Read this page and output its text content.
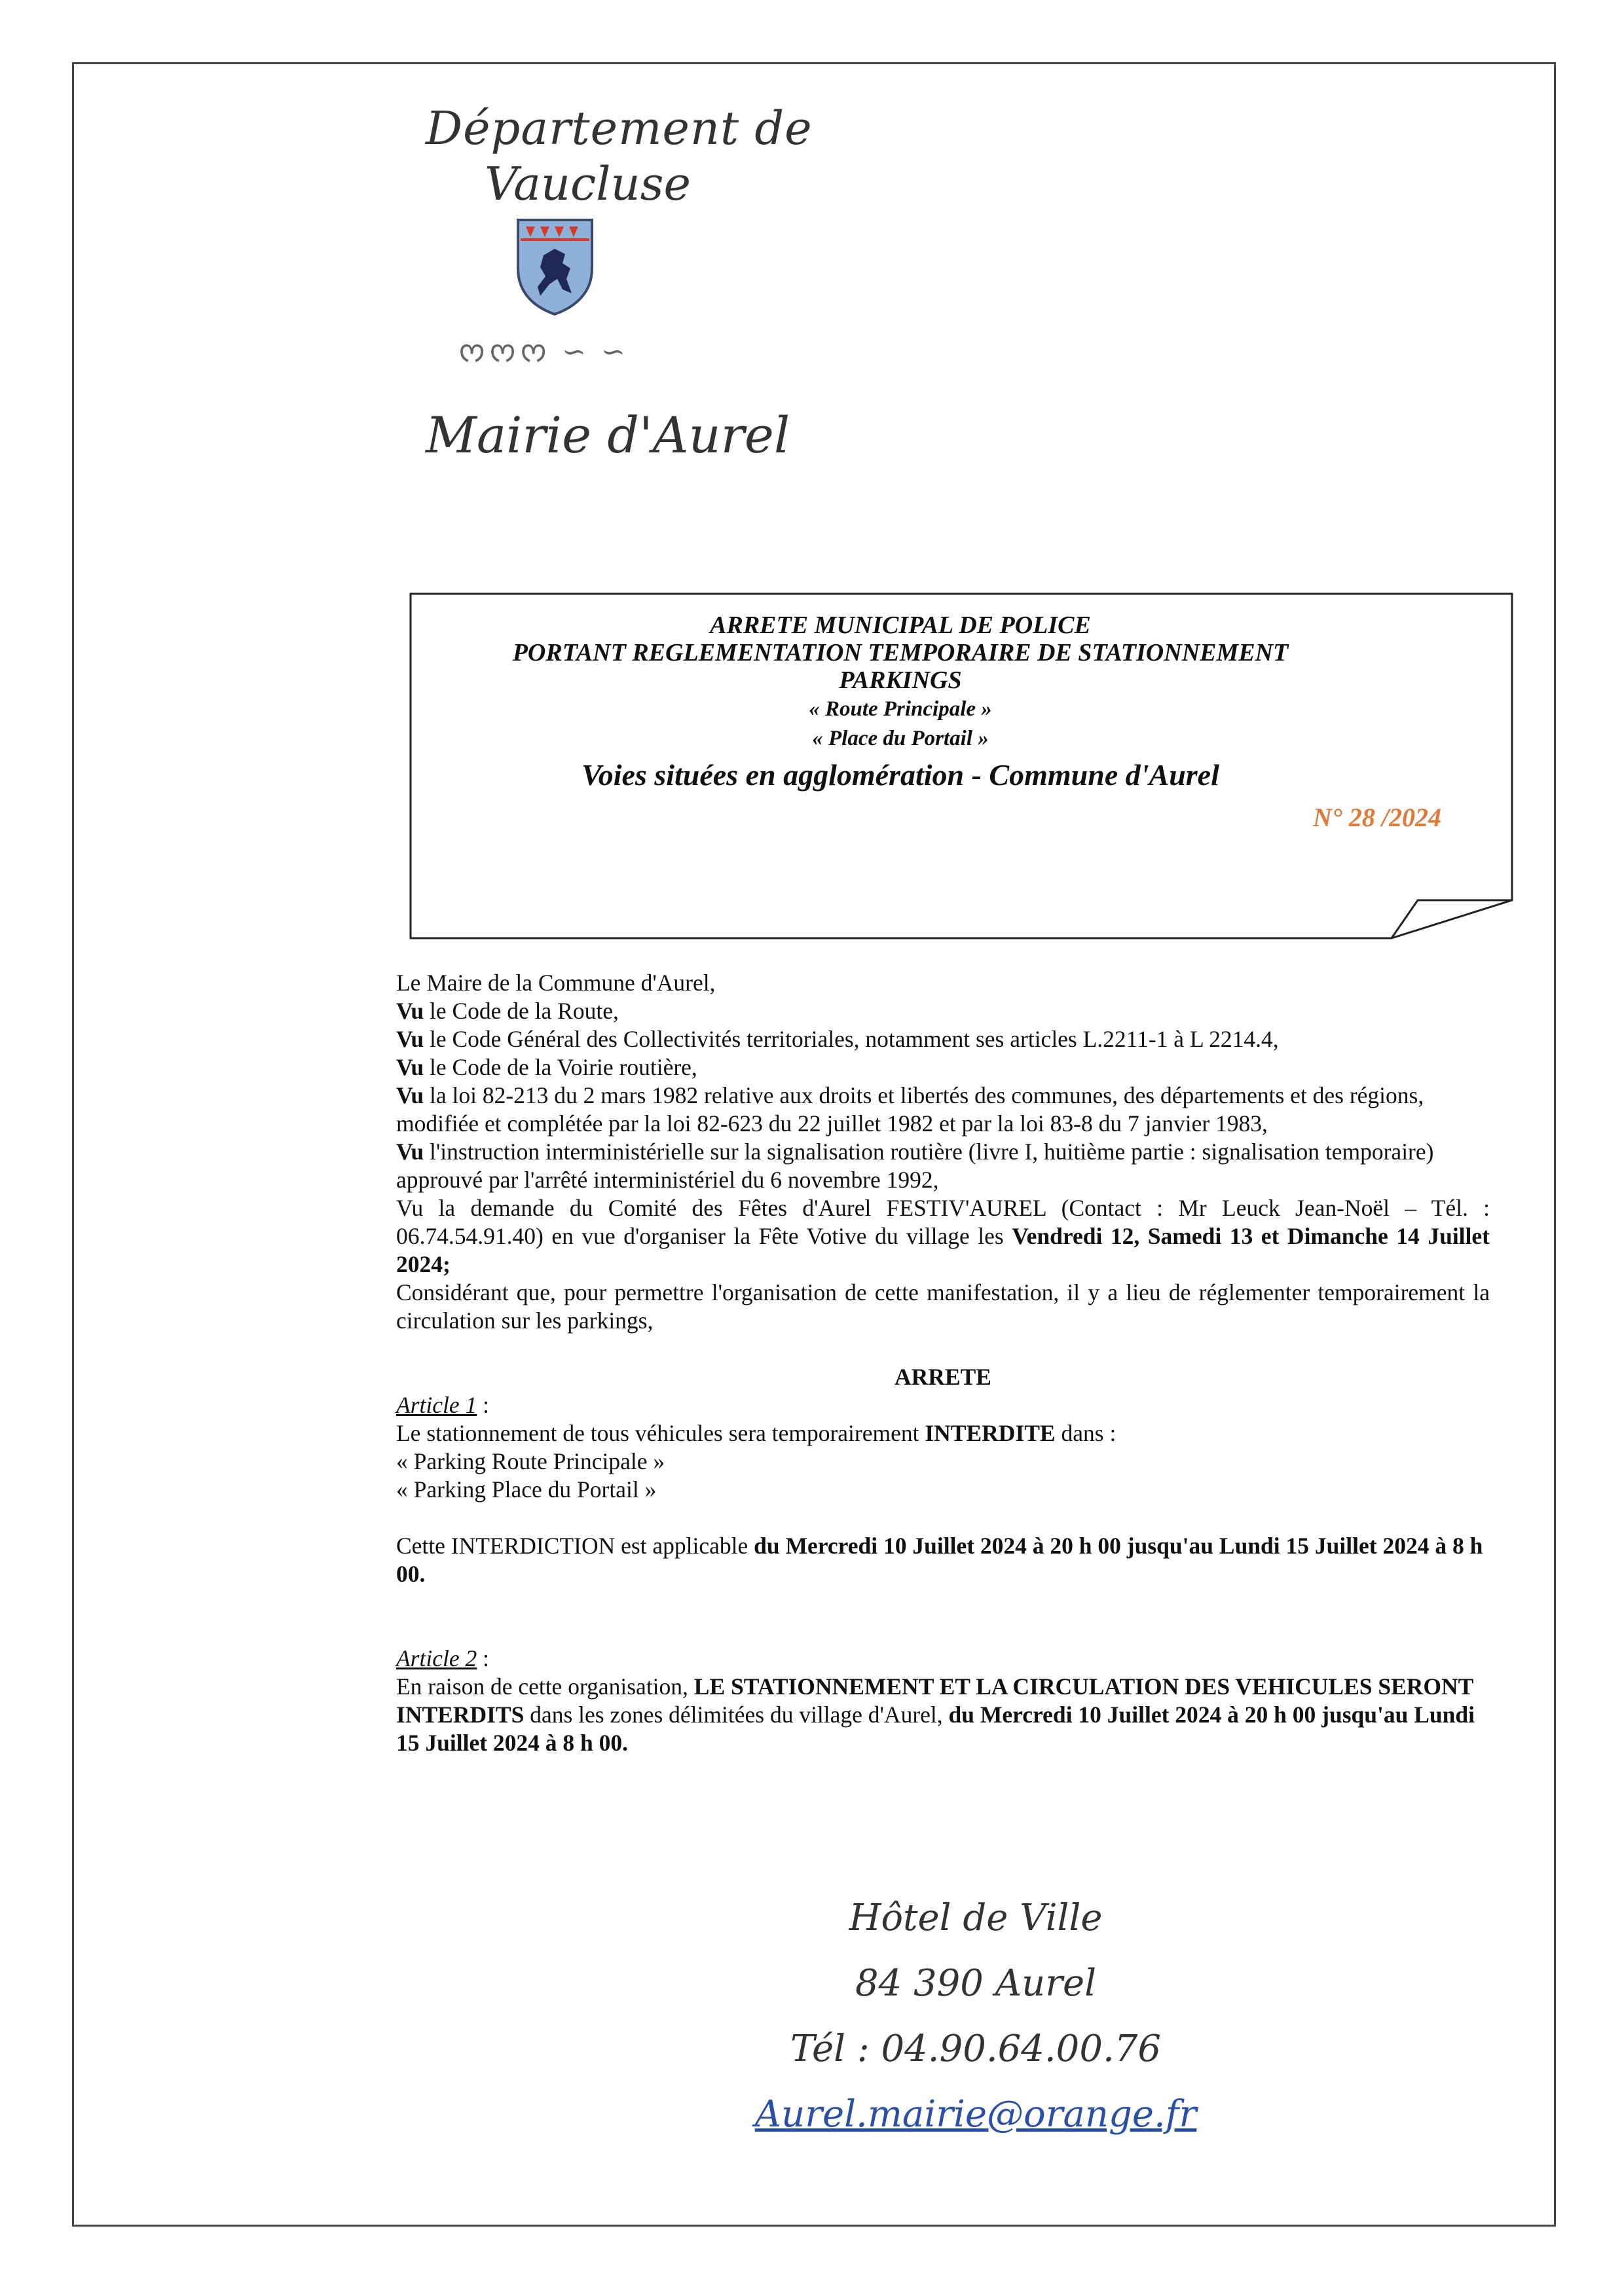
Département de
Vaucluse
ᰔᰔᰔ ∽ ∽
Mairie d'Aurel
ARRETE MUNICIPAL DE POLICE
PORTANT REGLEMENTATION TEMPORAIRE DE STATIONNEMENT
PARKINGS
« Route Principale »
« Place du Portail »
Voies situées en agglomération - Commune d'Aurel
N° 28 /2024

Le Maire de la Commune d'Aurel,

Vu le Code de la Route,

Vu le Code Général des Collectivités territoriales, notamment ses articles L.2211-1 à L 2214.4,

Vu le Code de la Voirie routière,

Vu la loi 82-213 du 2 mars 1982 relative aux droits et libertés des communes, des départements et des régions, modifiée et complétée par la loi 82-623 du 22 juillet 1982 et par la loi 83-8 du 7 janvier 1983,

Vu l'instruction interministérielle sur la signalisation routière (livre I, huitième partie : signalisation temporaire) approuvé par l'arrêté interministériel du 6 novembre 1992,

Vu la demande du Comité des Fêtes d'Aurel FESTIV'AUREL (Contact : Mr Leuck Jean-Noël – Tél. : 06.74.54.91.40) en vue d'organiser la Fête Votive du village les Vendredi 12, Samedi 13 et Dimanche 14 Juillet 2024;

Considérant que, pour permettre l'organisation de cette manifestation, il y a lieu de réglementer temporairement la circulation sur les parkings,

ARRETE

Article 1 :

Le stationnement de tous véhicules sera temporairement INTERDITE dans :

« Parking Route Principale »

« Parking Place du Portail »

Cette INTERDICTION est applicable du Mercredi 10 Juillet 2024 à 20 h 00 jusqu'au Lundi 15 Juillet 2024 à 8 h 00.

Article 2 :

En raison de cette organisation, LE STATIONNEMENT ET LA CIRCULATION DES VEHICULES SERONT INTERDITS dans les zones délimitées du village d'Aurel, du Mercredi 10 Juillet 2024 à 20 h 00 jusqu'au Lundi 15 Juillet 2024 à 8 h 00.

Hôtel de Ville
84 390 Aurel
Tél : 04.90.64.00.76
Aurel.mairie@orange.fr
